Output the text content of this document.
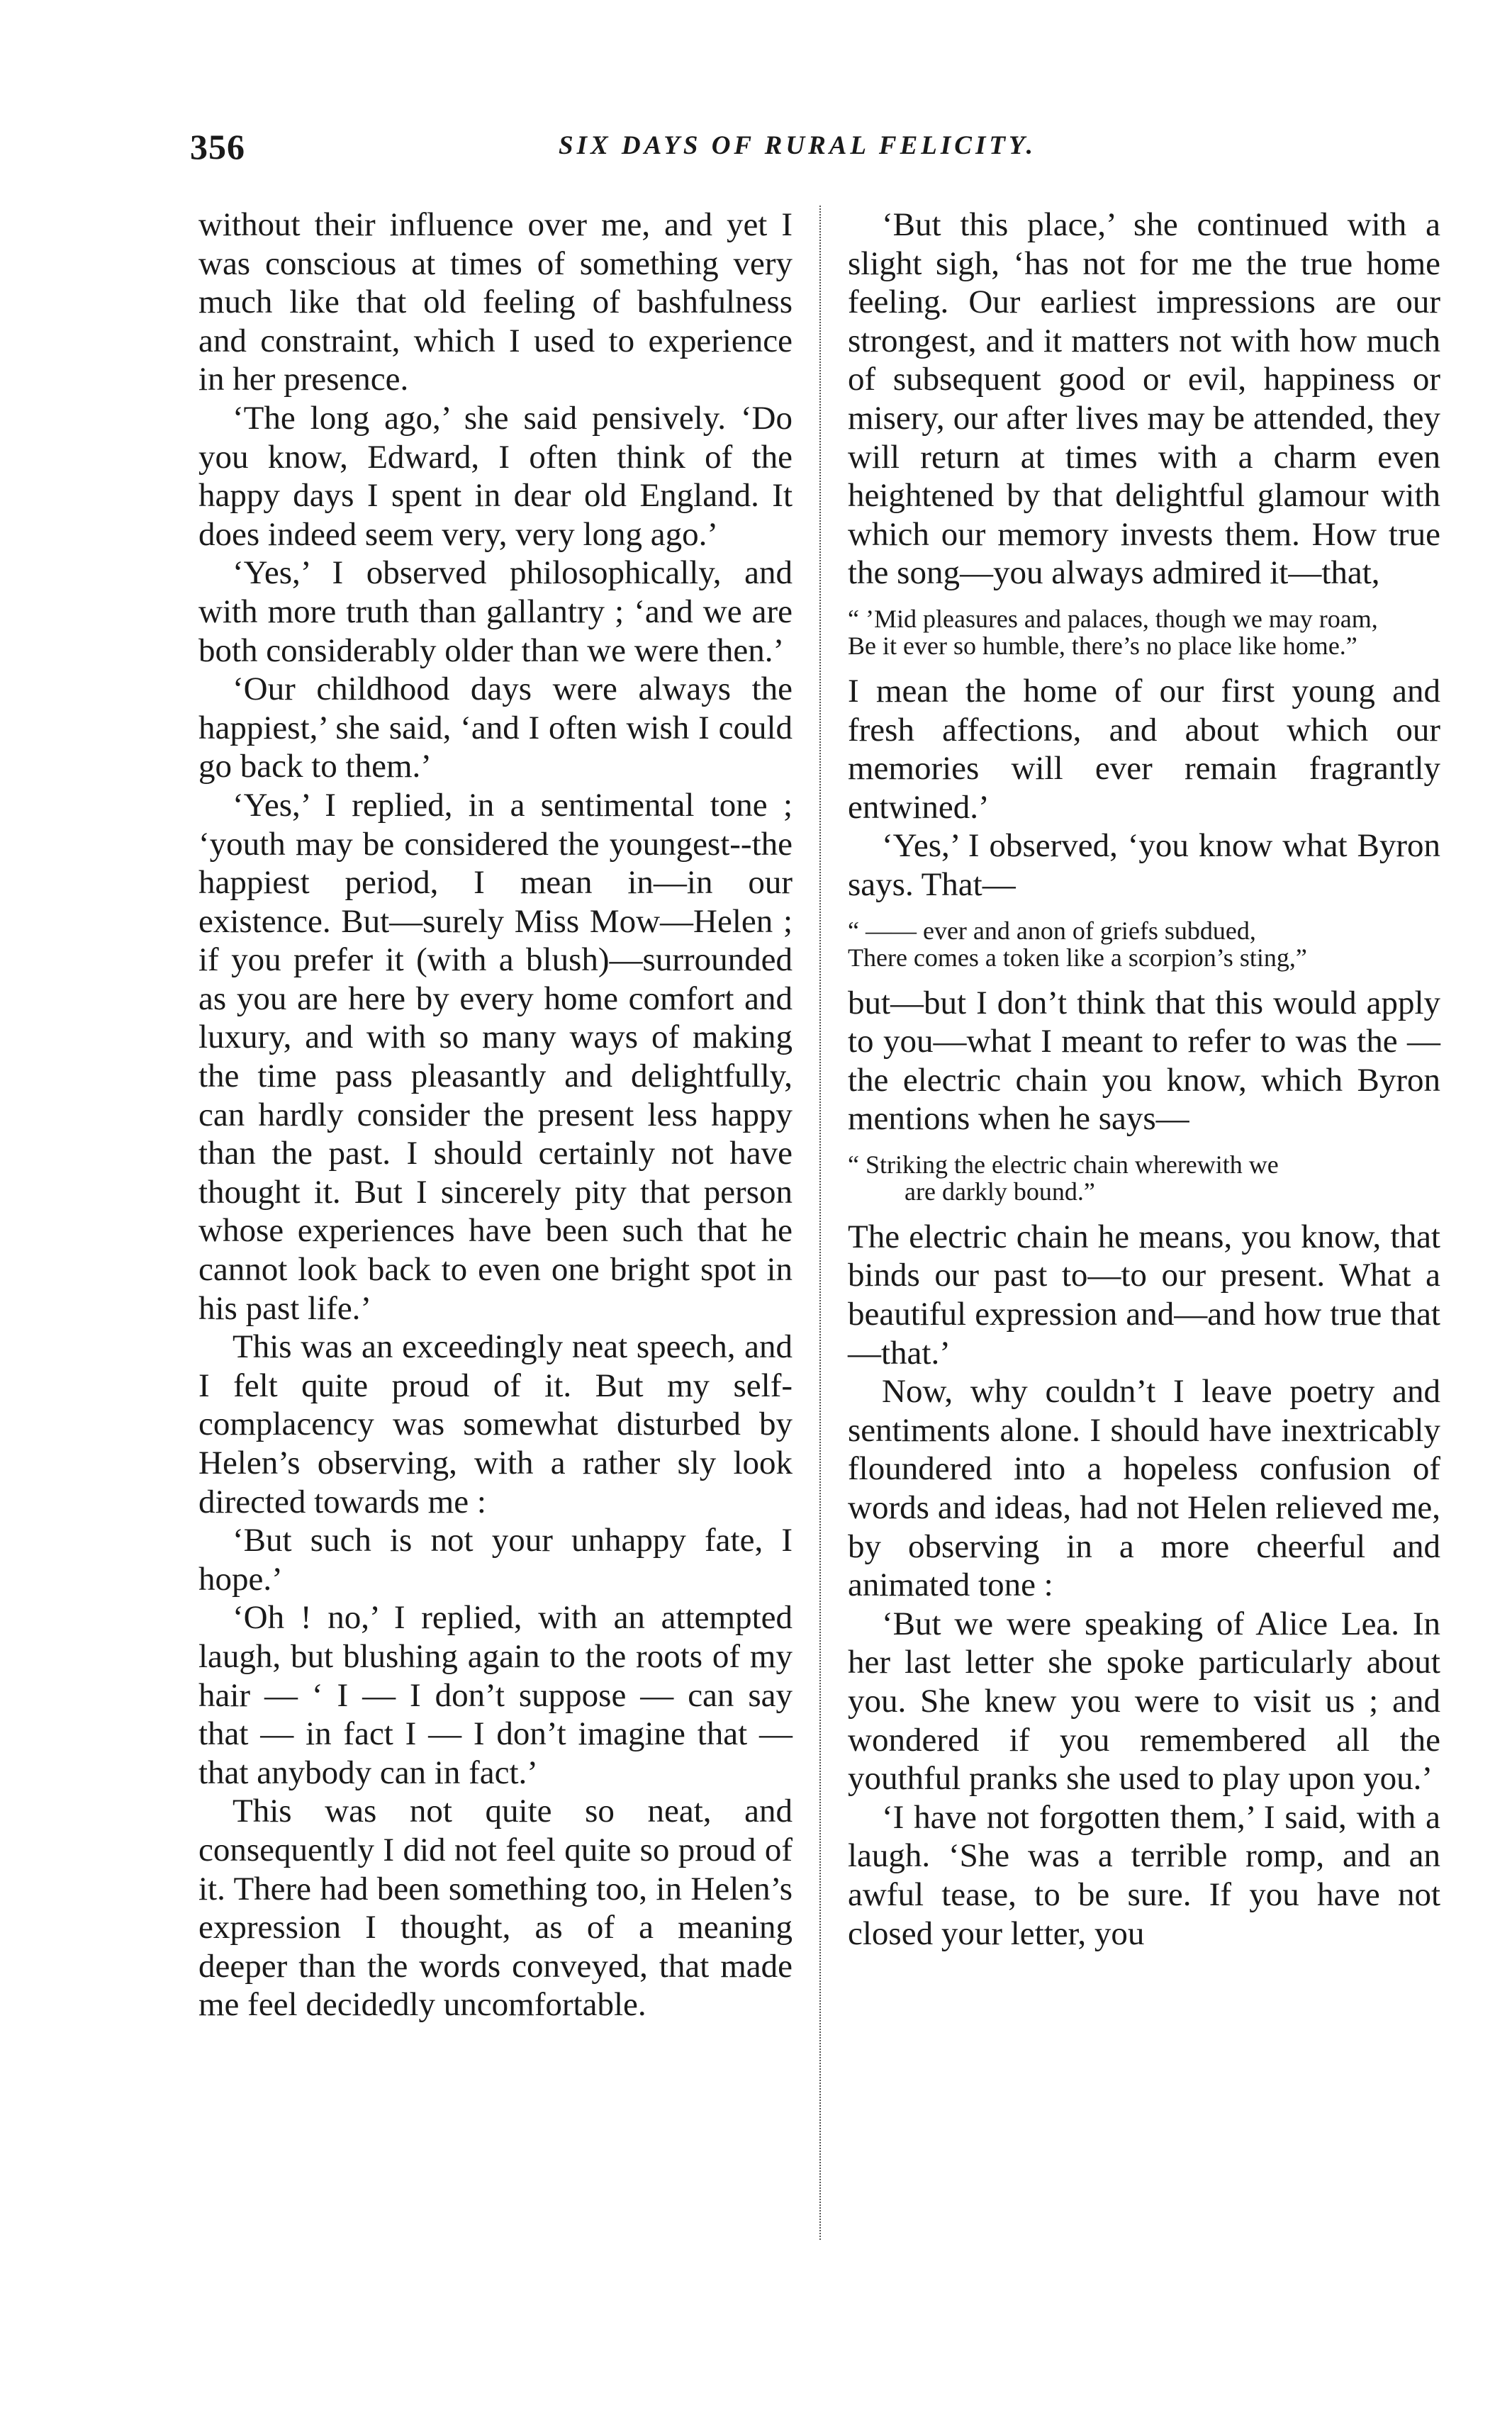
356	SIX DAYS OF RURAL FELICITY.

without their influence over me, and yet I was conscious at times of something very much like that old feeling of bashfulness and constraint, which I used to experience in her presence.

‘The long ago,’ she said pensively. ‘Do you know, Edward, I often think of the happy days I spent in dear old England. It does indeed seem very, very long ago.’

‘Yes,’ I observed philosophically, and with more truth than gallantry ; ‘and we are both considerably older than we were then.’

‘Our childhood days were always the happiest,’ she said, ‘and I often wish I could go back to them.’

‘Yes,’ I replied, in a sentimental tone ; ‘youth may be considered the youngest--the happiest period, I mean in—in our existence. But—surely Miss Mow—Helen ; if you prefer it (with a blush)—surrounded as you are here by every home comfort and luxury, and with so many ways of making the time pass pleasantly and delightfully, can hardly consider the present less happy than the past. I should certainly not have thought it. But I sincerely pity that person whose experiences have been such that he cannot look back to even one bright spot in his past life.’

This was an exceedingly neat speech, and I felt quite proud of it. But my self-complacency was somewhat disturbed by Helen’s observing, with a rather sly look directed towards me :

‘But such is not your unhappy fate, I hope.’

‘Oh ! no,’ I replied, with an attempted laugh, but blushing again to the roots of my hair — ‘ I — I don’t suppose — can say that — in fact I — I don’t imagine that — that anybody can in fact.’

This was not quite so neat, and consequently I did not feel quite so proud of it. There had been something too, in Helen’s expression I thought, as of a meaning deeper than the words conveyed, that made me feel decidedly uncomfortable.

‘But this place,’ she continued with a slight sigh, ‘has not for me the true home feeling. Our earliest impressions are our strongest, and it matters not with how much of subsequent good or evil, happiness or misery, our after lives may be attended, they will return at times with a charm even heightened by that delightful glamour with which our memory invests them. How true the song—you always admired it—that,

“ ’Mid pleasures and palaces, though we may roam,
Be it ever so humble, there’s no place like home.”

I mean the home of our first young and fresh affections, and about which our memories will ever remain fragrantly entwined.’

‘Yes,’ I observed, ‘you know what Byron says. That—

“ —— ever and anon of griefs subdued,
There comes a token like a scorpion’s sting,”

but—but I don’t think that this would apply to you—what I meant to refer to was the — the electric chain you know, which Byron mentions when he says—

“ Striking the electric chain wherewith we
are darkly bound.”

The electric chain he means, you know, that binds our past to—to our present. What a beautiful expression and—and how true that—that.’

Now, why couldn’t I leave poetry and sentiments alone. I should have inextricably floundered into a hopeless confusion of words and ideas, had not Helen relieved me, by observing in a more cheerful and animated tone :

‘But we were speaking of Alice Lea. In her last letter she spoke particularly about you. She knew you were to visit us ; and wondered if you remembered all the youthful pranks she used to play upon you.’

‘I have not forgotten them,’ I said, with a laugh. ‘She was a terrible romp, and an awful tease, to be sure. If you have not closed your letter, you
